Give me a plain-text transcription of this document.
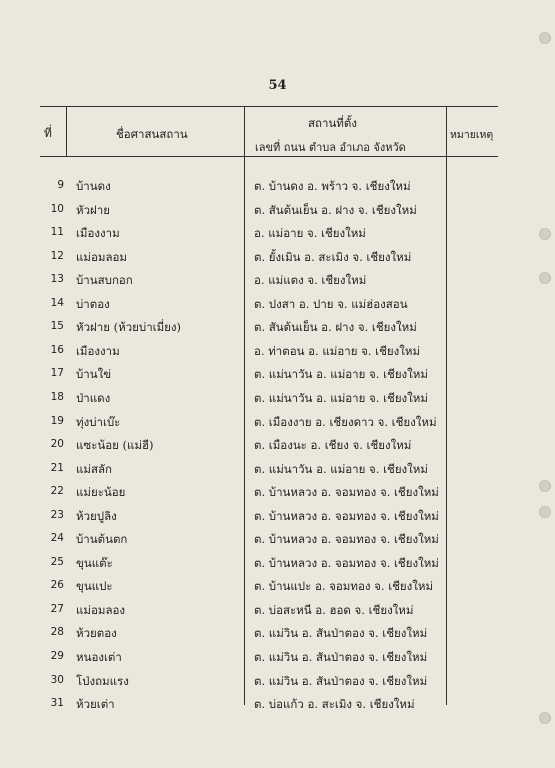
54
ที่	ชื่อศาสนสถาน
สถานที่ตั้ง
เลขที่ ถนน ตำบล อำเภอ จังหวัด
หมายเหตุ
9 บ้านดง	ต. บ้านดง อ. พร้าว จ. เชียงใหม่
10 หัวฝาย	ต. สันต้นเย็น อ. ฝาง จ. เชียงใหม่
11 เมืองงาม	อ. แม่อาย จ. เชียงใหม่
12 แม่อมลอม	ต. ยั้งเมิน อ. สะเมิง จ. เชียงใหม่
13 บ้านสบกอก	อ. แม่แตง จ. เชียงใหม่
14 บ่าตอง	ต. ปงสา อ. ปาย จ. แม่ฮ่องสอน
15 หัวฝาย (ห้วยบ่าเมี่ยง)	ต. สันต้นเย็น อ. ฝาง จ. เชียงใหม่
16 เมืองงาม	อ. ท่าตอน อ. แม่อาย จ. เชียงใหม่
17 บ้านใข่	ต. แม่นาวัน อ. แม่อาย จ. เชียงใหม่
18 ป่าแดง	ต. แม่นาวัน อ. แม่อาย จ. เชียงใหม่
19 ทุ่งบ่าเบ๊ะ	ต. เมืองงาย อ. เชียงดาว จ. เชียงใหม่
20 แซะน้อย (แม่ฮี)	ต. เมืองนะ อ. เชียง จ. เชียงใหม่
21 แม่สลัก	ต. แม่นาวัน อ. แม่อาย จ. เชียงใหม่
22 แม่ยะน้อย	ต. บ้านหลวง อ. จอมทอง จ. เชียงใหม่
23 ห้วยปูลิง	ต. บ้านหลวง อ. จอมทอง จ. เชียงใหม่
24 บ้านต้นตก	ต. บ้านหลวง อ. จอมทอง จ. เชียงใหม่
25 ขุนแต๊ะ	ต. บ้านหลวง อ. จอมทอง จ. เชียงใหม่
26 ขุนแปะ	ต. บ้านแปะ อ. จอมทอง จ. เชียงใหม่
27 แม่อมลอง	ต. บ่อสะหนี อ. ฮอด จ. เชียงใหม่
28 ห้วยตอง	ต. แม่วิน อ. สันป่าตอง จ. เชียงใหม่
29 หนองเต่า	ต. แม่วิน อ. สันป่าตอง จ. เชียงใหม่
30 โป่งถมแรง	ต. แม่วิน อ. สันป่าตอง จ. เชียงใหม่
31 ห้วยเต่า	ต. บ่อแก้ว อ. สะเมิง จ. เชียงใหม่
